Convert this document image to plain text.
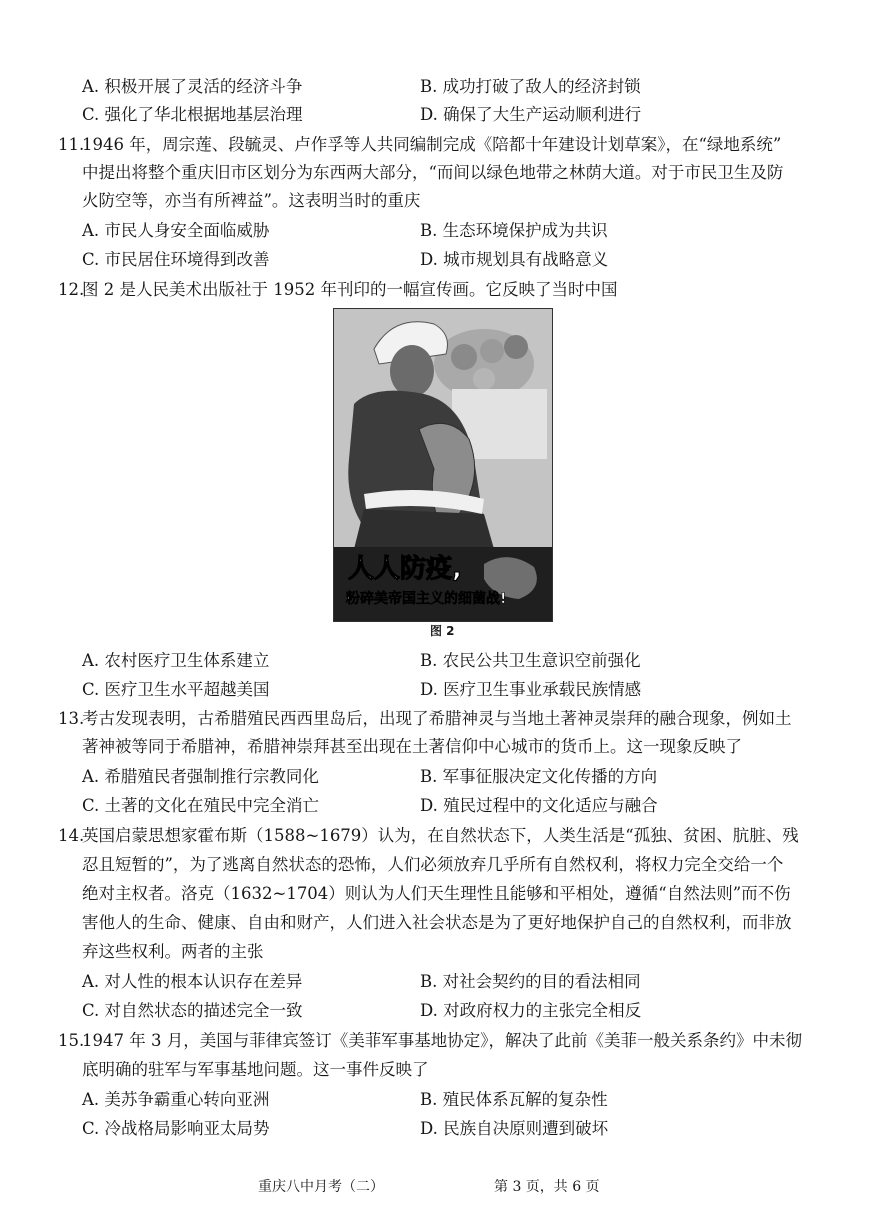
A. 积极开展了灵活的经济斗争	B. 成功打破了敌人的经济封锁
C. 强化了华北根据地基层治理	D. 确保了大生产运动顺利进行
11.
1946 年，周宗莲、段毓灵、卢作孚等人共同编制完成《陪都十年建设计划草案》，在“绿地系统”
中提出将整个重庆旧市区划分为东西两大部分，“而间以绿色地带之林荫大道。对于市民卫生及防
火防空等，亦当有所裨益”。这表明当时的重庆
A. 市民人身安全面临威胁	B. 生态环境保护成为共识
C. 市民居住环境得到改善	D. 城市规划具有战略意义
12.
图 2 是人民美术出版社于 1952 年刊印的一幅宣传画。它反映了当时中国
人人防疫,
粉碎美帝国主义的细菌战!
图 2
A. 农村医疗卫生体系建立	B. 农民公共卫生意识空前强化
C. 医疗卫生水平超越美国	D. 医疗卫生事业承载民族情感
13.
考古发现表明，古希腊殖民西西里岛后，出现了希腊神灵与当地土著神灵崇拜的融合现象，例如土
著神被等同于希腊神，希腊神崇拜甚至出现在土著信仰中心城市的货币上。这一现象反映了
A. 希腊殖民者强制推行宗教同化	B. 军事征服决定文化传播的方向
C. 土著的文化在殖民中完全消亡	D. 殖民过程中的文化适应与融合
14.
英国启蒙思想家霍布斯（1588~1679）认为，在自然状态下，人类生活是“孤独、贫困、肮脏、残
忍且短暂的”，为了逃离自然状态的恐怖，人们必须放弃几乎所有自然权利，将权力完全交给一个
绝对主权者。洛克（1632~1704）则认为人们天生理性且能够和平相处，遵循“自然法则”而不伤
害他人的生命、健康、自由和财产，人们进入社会状态是为了更好地保护自己的自然权利，而非放
弃这些权利。两者的主张
A. 对人性的根本认识存在差异	B. 对社会契约的目的看法相同
C. 对自然状态的描述完全一致	D. 对政府权力的主张完全相反
15.
1947 年 3 月，美国与菲律宾签订《美菲军事基地协定》，解决了此前《美菲一般关系条约》中未彻
底明确的驻军与军事基地问题。这一事件反映了
A. 美苏争霸重心转向亚洲	B. 殖民体系瓦解的复杂性
C. 冷战格局影响亚太局势	D. 民族自决原则遭到破坏
重庆八中月考（二）	第 3 页，共 6 页
